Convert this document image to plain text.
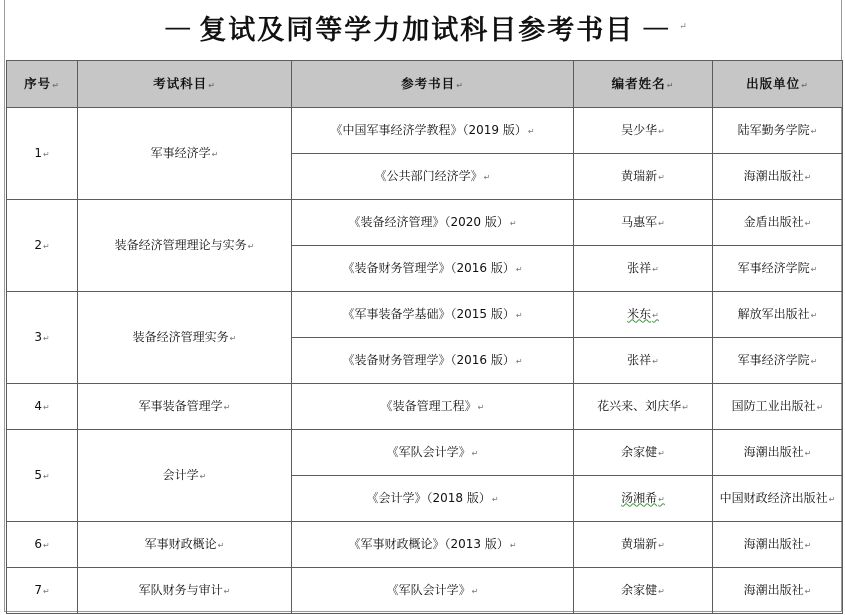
— 复试及同等学力加试科目参考书目 — ↵
序号 ↵	考试科目 ↵	参考书目 ↵	编者姓名 ↵	出版单位 ↵
1 ↵	军事经济学 ↵	《中国军事经济学教程》（2019 版） ↵	吴少华 ↵	陆军勤务学院 ↵
		《公共部门经济学》 ↵	黄瑞新 ↵	海潮出版社 ↵
2 ↵	装备经济管理理论与实务 ↵	《装备经济管理》（2020 版） ↵	马惠军 ↵	金盾出版社 ↵
		《装备财务管理学》（2016 版） ↵	张祥 ↵	军事经济学院 ↵
3 ↵	装备经济管理实务 ↵	《军事装备学基础》（2015 版） ↵	米东 ↵	解放军出版社 ↵
		《装备财务管理学》（2016 版） ↵	张祥 ↵	军事经济学院 ↵
4 ↵	军事装备管理学 ↵	《装备管理工程》 ↵	花兴来、刘庆华 ↵	国防工业出版社 ↵
5 ↵	会计学 ↵	《军队会计学》 ↵	余家健 ↵	海潮出版社 ↵
		《会计学》（2018 版） ↵	汤湘希 ↵	中国财政经济出版社 ↵
6 ↵	军事财政概论 ↵	《军事财政概论》（2013 版） ↵	黄瑞新 ↵	海潮出版社 ↵
7 ↵	军队财务与审计 ↵	《军队会计学》 ↵	余家健 ↵	海潮出版社 ↵
